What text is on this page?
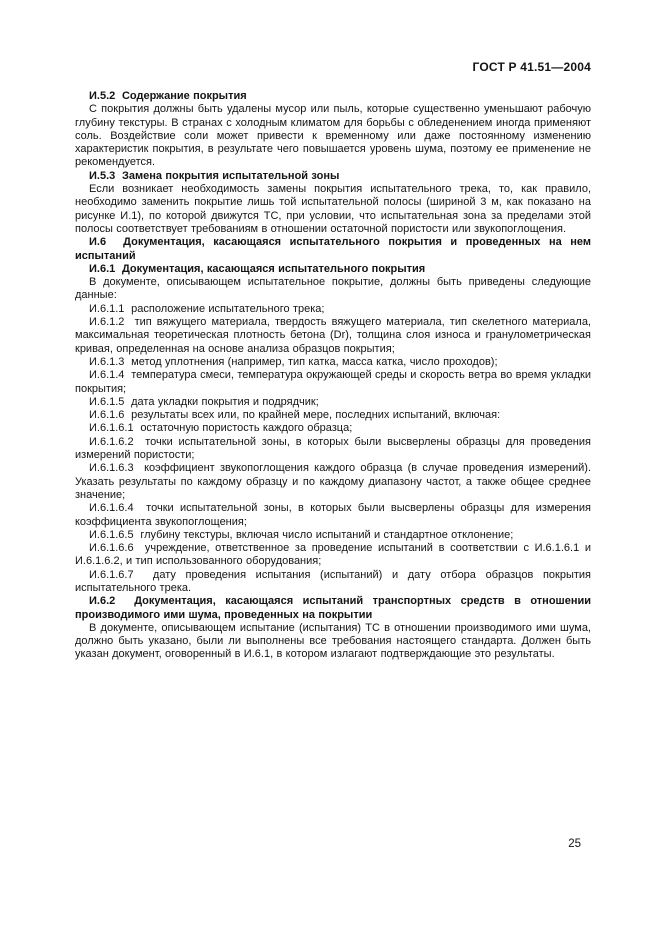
ГОСТ Р 41.51—2004

И.5.2  Содержание покрытия

С покрытия должны быть удалены мусор или пыль, которые существенно уменьшают рабочую глубину текстуры. В странах с холодным климатом для борьбы с обледенением иногда применяют соль. Воздействие соли может привести к временному или даже постоянному изменению характеристик покрытия, в результате чего повышается уровень шума, поэтому ее применение не рекомендуется.

И.5.3  Замена покрытия испытательной зоны

Если возникает необходимость замены покрытия испытательного трека, то, как правило, необходимо заменить покрытие лишь той испытательной полосы (шириной 3 м, как показано на рисунке И.1), по которой движутся ТС, при условии, что испытательная зона за пределами этой полосы соответствует требованиям в отношении остаточной пористости или звукопоглощения.

И.6  Документация, касающаяся испытательного покрытия и проведенных на нем испытаний

И.6.1  Документация, касающаяся испытательного покрытия

В документе, описывающем испытательное покрытие, должны быть приведены следующие данные:

И.6.1.1  расположение испытательного трека;

И.6.1.2  тип вяжущего материала, твердость вяжущего материала, тип скелетного материала, максимальная теоретическая плотность бетона (Dr), толщина слоя износа и гранулометрическая кривая, определенная на основе анализа образцов покрытия;

И.6.1.3  метод уплотнения (например, тип катка, масса катка, число проходов);

И.6.1.4  температура смеси, температура окружающей среды и скорость ветра во время укладки покрытия;

И.6.1.5  дата укладки покрытия и подрядчик;

И.6.1.6  результаты всех или, по крайней мере, последних испытаний, включая:

И.6.1.6.1  остаточную пористость каждого образца;

И.6.1.6.2  точки испытательной зоны, в которых были высверлены образцы для проведения измерений пористости;

И.6.1.6.3  коэффициент звукопоглощения каждого образца (в случае проведения измерений). Указать результаты по каждому образцу и по каждому диапазону частот, а также общее среднее значение;

И.6.1.6.4  точки испытательной зоны, в которых были высверлены образцы для измерения коэффициента звукопоглощения;

И.6.1.6.5  глубину текстуры, включая число испытаний и стандартное отклонение;

И.6.1.6.6  учреждение, ответственное за проведение испытаний в соответствии с И.6.1.6.1 и И.6.1.6.2, и тип использованного оборудования;

И.6.1.6.7  дату проведения испытания (испытаний) и дату отбора образцов покрытия испытательного трека.

И.6.2  Документация, касающаяся испытаний транспортных средств в отношении производимого ими шума, проведенных на покрытии

В документе, описывающем испытание (испытания) ТС в отношении производимого ими шума, должно быть указано, были ли выполнены все требования настоящего стандарта. Должен быть указан документ, оговоренный в И.6.1, в котором излагают подтверждающие это результаты.

25
